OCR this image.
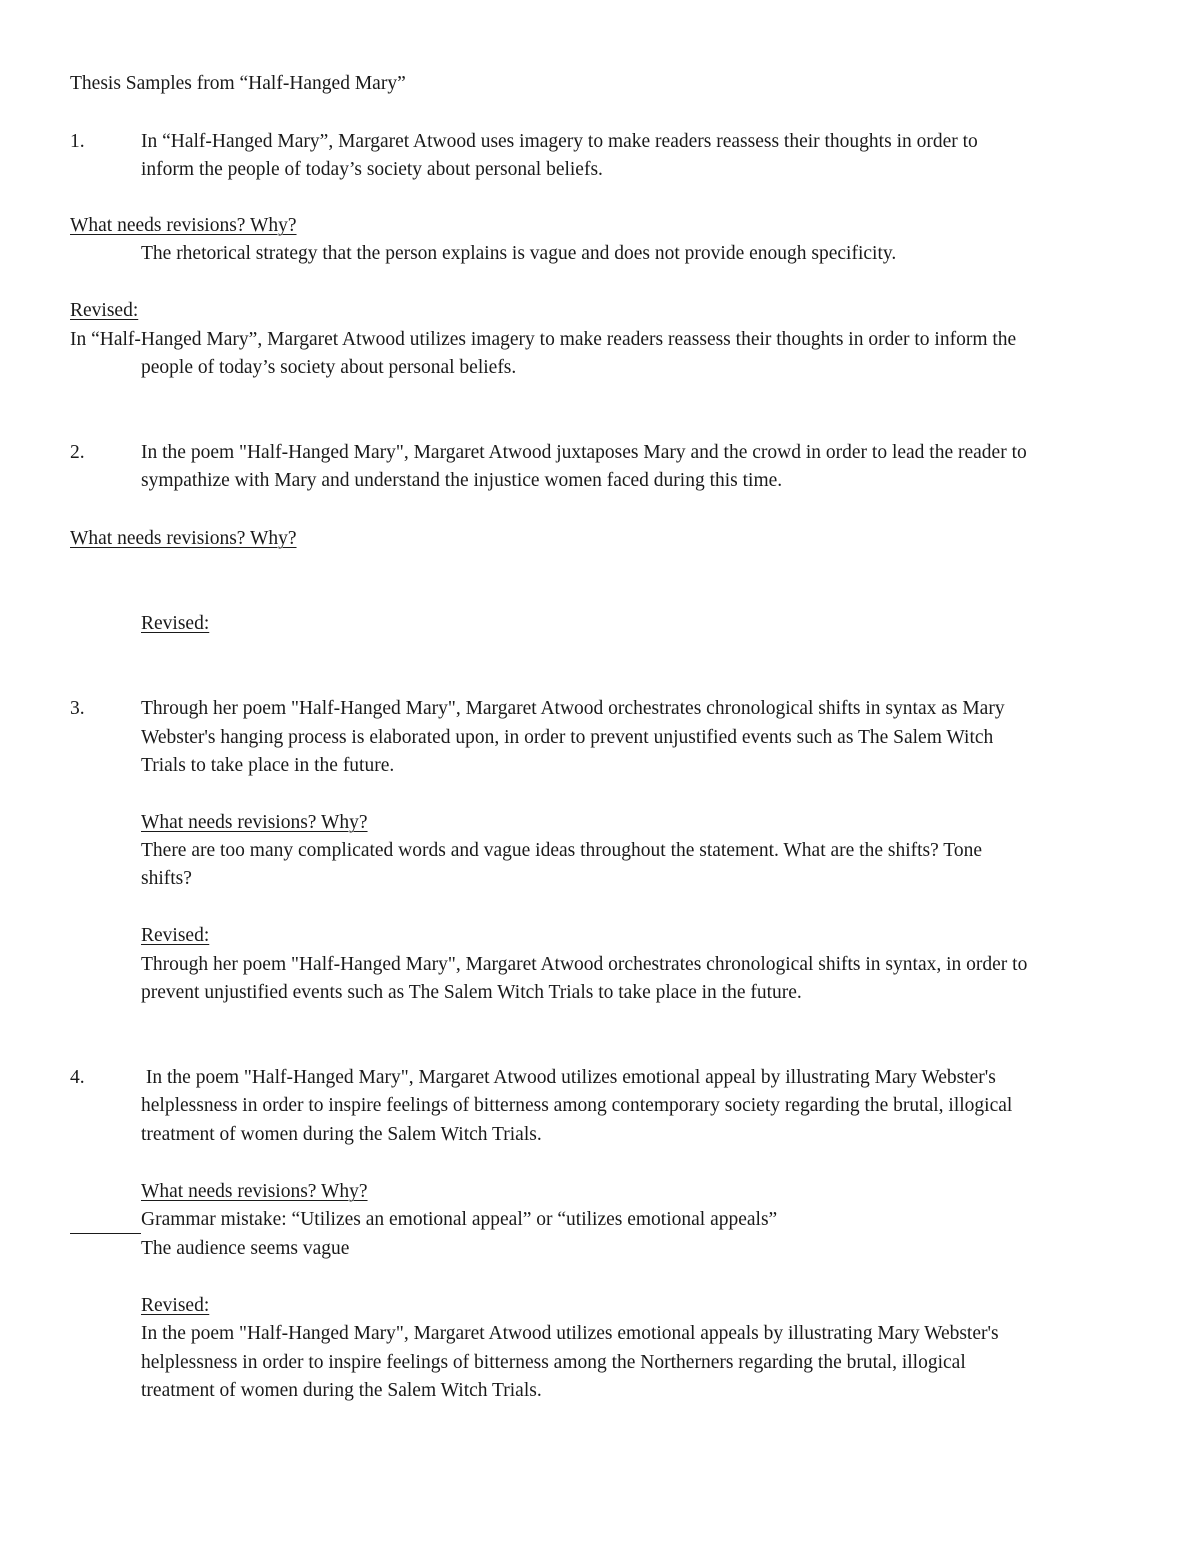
Thesis Samples from “Half-Hanged Mary”
1.	In “Half-Hanged Mary”, Margaret Atwood uses imagery to make readers reassess their thoughts in order to
inform the people of today’s society about personal beliefs.
What needs revisions? Why?
The rhetorical strategy that the person explains is vague and does not provide enough specificity.
Revised:
In “Half-Hanged Mary”, Margaret Atwood utilizes imagery to make readers reassess their thoughts in order to inform the
people of today’s society about personal beliefs.
2.	In the poem "Half-Hanged Mary", Margaret Atwood juxtaposes Mary and the crowd in order to lead the reader to
sympathize with Mary and understand the injustice women faced during this time.
What needs revisions? Why?
Revised:
3.	Through her poem "Half-Hanged Mary", Margaret Atwood orchestrates chronological shifts in syntax as Mary
Webster's hanging process is elaborated upon, in order to prevent unjustified events such as The Salem Witch
Trials to take place in the future.
What needs revisions? Why?
There are too many complicated words and vague ideas throughout the statement. What are the shifts? Tone
shifts?
Revised:
Through her poem "Half-Hanged Mary", Margaret Atwood orchestrates chronological shifts in syntax, in order to
prevent unjustified events such as The Salem Witch Trials to take place in the future.
4.	In the poem "Half-Hanged Mary", Margaret Atwood utilizes emotional appeal by illustrating Mary Webster's
helplessness in order to inspire feelings of bitterness among contemporary society regarding the brutal, illogical
treatment of women during the Salem Witch Trials.
What needs revisions? Why?
Grammar mistake: “Utilizes an emotional appeal” or “utilizes emotional appeals”
The audience seems vague
Revised:
In the poem "Half-Hanged Mary", Margaret Atwood utilizes emotional appeals by illustrating Mary Webster's
helplessness in order to inspire feelings of bitterness among the Northerners regarding the brutal, illogical
treatment of women during the Salem Witch Trials.
